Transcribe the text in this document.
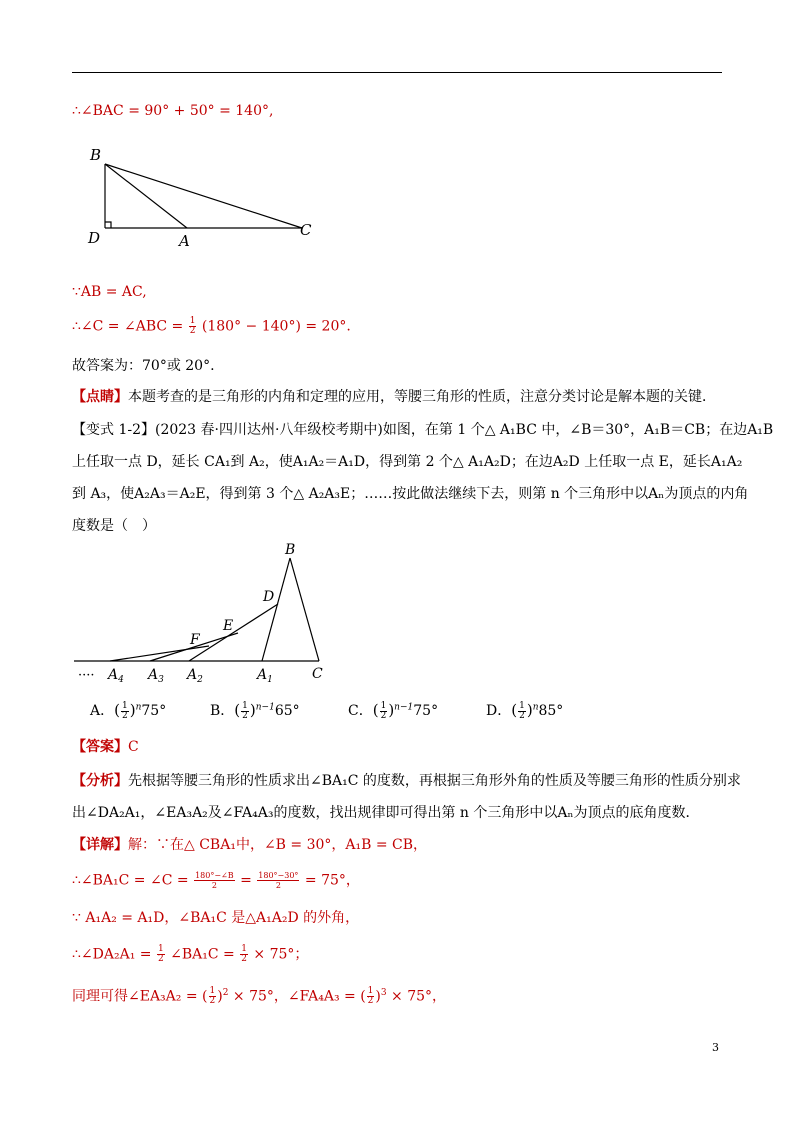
∴∠BAC = 90° + 50° = 140°,
B
D	A
C
∵AB = AC,
∴∠C = ∠ABC = $\frac{1}{2} (180^\circ - 140^\circ) = 20^\circ$.
故答案为：70°或 20°.
【点睛】本题考查的是三角形的内角和定理的应用，等腰三角形的性质，注意分类讨论是解本题的关键．
【变式 1-2】(2023 春·四川达州·八年级校考期中)如图，在第 1 个△ A₁BC 中，∠B＝30°，A₁B＝CB；在边A₁B
上任取一点 D，延长 CA₁到 A₂，使A₁A₂＝A₁D，得到第 2 个△ A₁A₂D；在边A₂D 上任取一点 E，延长A₁A₂
到 A₃，使A₂A₃＝A₂E，得到第 3 个△ A₂A₃E；……按此做法继续下去，则第 n 个三角形中以Aₙ为顶点的内角
度数是（　）
B
D
E
F
···· $A_4$ $A_3$ $A_2$	$A_1$	C
A．( $\frac{1}{2} )^n75^\circ$	B．( $\frac{1}{2} )^{n-1}65^\circ$	C．( $\frac{1}{2} )^{n-1}75^\circ$	D．( $\frac{1}{2} )^n85^\circ$
【答案】C
【分析】先根据等腰三角形的性质求出∠BA₁C 的度数，再根据三角形外角的性质及等腰三角形的性质分别求
出∠DA₂A₁，∠EA₃A₂及∠FA₄A₃的度数，找出规律即可得出第 n 个三角形中以Aₙ为顶点的底角度数．
【详解】解：∵在△ CBA₁中，∠B = 30°，A₁B = CB，
∴∠BA₁C = ∠C = $\frac{180^\circ-\angle B}{2} = \frac{180^\circ-30^\circ}{2} = 75^\circ$，
∵ A₁A₂ = A₁D，∠BA₁C 是△A₁A₂D 的外角，
∴∠DA₂A₁ = $\frac{1}{2}$ ∠BA₁C = $\frac{1}{2} \times 75^\circ$；
同理可得∠EA₃A₂ = ( $\frac{1}{2} )^2 \times 75^\circ$，∠FA₄A₃ = ( $\frac{1}{2} )^3 \times 75^\circ$，
3
